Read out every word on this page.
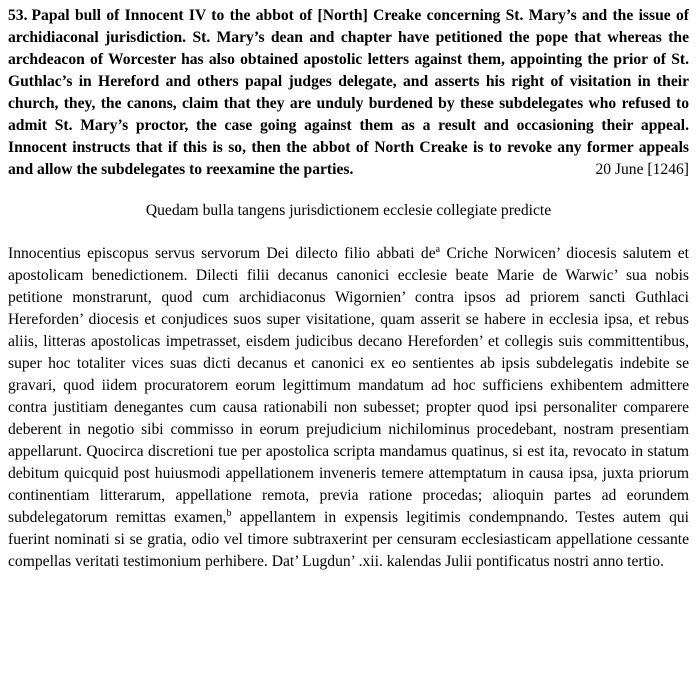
53. Papal bull of Innocent IV to the abbot of [North] Creake concerning St. Mary’s and the issue of archidiaconal jurisdiction. St. Mary’s dean and chapter have petitioned the pope that whereas the archdeacon of Worcester has also obtained apostolic letters against them, appointing the prior of St. Guthlac’s in Hereford and others papal judges delegate, and asserts his right of visitation in their church, they, the canons, claim that they are unduly burdened by these subdelegates who refused to admit St. Mary’s proctor, the case going against them as a result and occasioning their appeal. Innocent instructs that if this is so, then the abbot of North Creake is to revoke any former appeals and allow the subdelegates to reexamine the parties.	20 June [1246]

Quedam bulla tangens jurisdictionem ecclesie collegiate predicte

Innocentius episcopus servus servorum Dei dilecto filio abbati $de^a$ Criche Norwicen’ diocesis salutem et apostolicam benedictionem. Dilecti filii decanus canonici ecclesie beate Marie de Warwic’ sua nobis petitione monstrarunt, quod cum archidiaconus Wigornien’ contra ipsos ad priorem sancti Guthlaci Hereforden’ diocesis et conjudices suos super visitatione, quam asserit se habere in ecclesia ipsa, et rebus aliis, litteras apostolicas impetrasset, eisdem judicibus decano Hereforden’ et collegis suis committentibus, super hoc totaliter vices suas dicti decanus et canonici ex eo sentientes ab ipsis subdelegatis indebite se gravari, quod iidem procuratorem eorum legittimum mandatum ad hoc sufficiens exhibentem admittere contra justitiam denegantes cum causa rationabili non subesset; propter quod ipsi personaliter comparere deberent in negotio sibi commisso in eorum prejudicium nichilominus procedebant, nostram presentiam appellarunt. Quocirca discretioni tue per apostolica scripta mandamus quatinus, si est ita, revocato in statum debitum quicquid post huiusmodi appellationem inveneris temere attemptatum in causa ipsa, juxta priorum continentiam litterarum, appellatione remota, previa ratione procedas; alioquin partes ad eorundem subdelegatorum remittas examen,$^b$ appellantem in expensis legitimis condempnando. Testes autem qui fuerint nominati si se gratia, odio vel timore subtraxerint per censuram ecclesiasticam appellatione cessante compellas veritati testimonium perhibere. Dat’ Lugdun’ .xii. kalendas Julii pontificatus nostri anno tertio.
